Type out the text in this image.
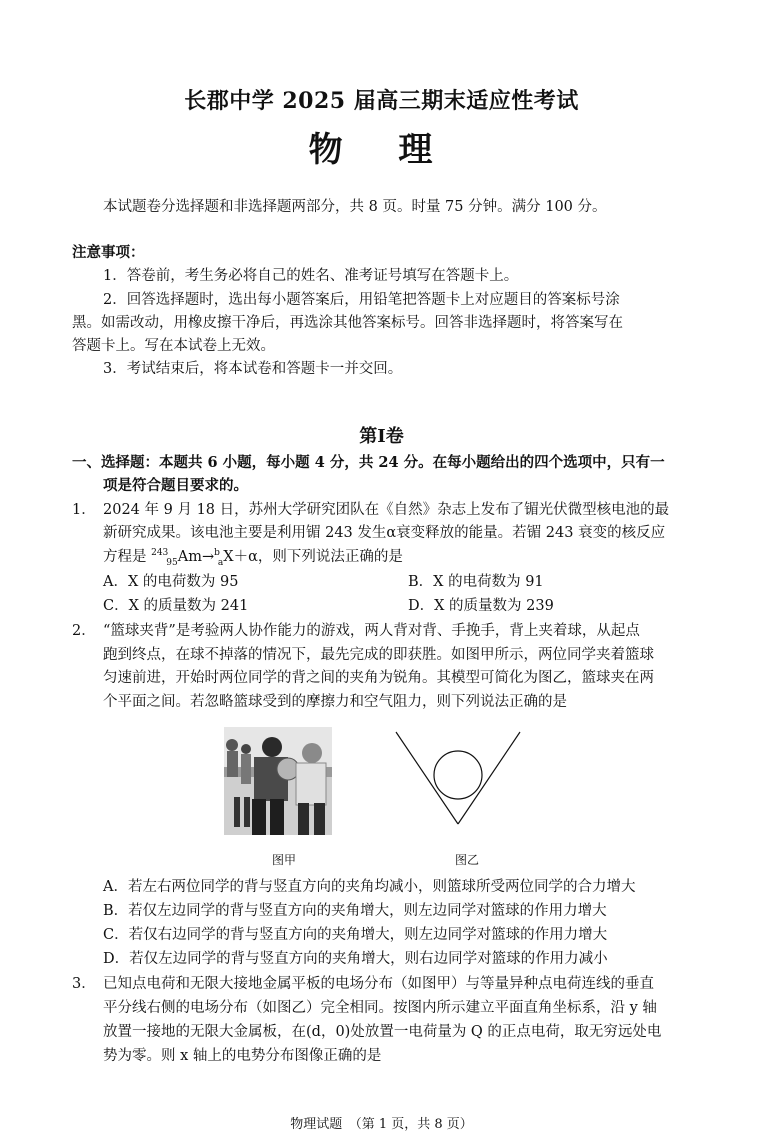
长郡中学 2025 届高三期末适应性考试
物 理
本试题卷分选择题和非选择题两部分，共 8 页。时量 75 分钟。满分 100 分。
注意事项：
1．答卷前，考生务必将自己的姓名、准考证号填写在答题卡上。
2．回答选择题时，选出每小题答案后，用铅笔把答题卡上对应题目的答案标号涂
黑。如需改动，用橡皮擦干净后，再选涂其他答案标号。回答非选择题时，将答案写在
答题卡上。写在本试卷上无效。
3．考试结束后，将本试卷和答题卡一并交回。
第Ⅰ卷
一、选择题：本题共 6 小题，每小题 4 分，共 24 分。在每小题给出的四个选项中，只有一
项是符合题目要求的。
1． 2024 年 9 月 18 日，苏州大学研究团队在《自然》杂志上发布了镅光伏微型核电池的最
新研究成果。该电池主要是利用镅 243 发生α衰变释放的能量。若镅 243 衰变的核反应
方程是 $^{243}_{95}$Am→$^b_a$X＋α，则下列说法正确的是
A．X 的电荷数为 95	B．X 的电荷数为 91
C．X 的质量数为 241	D．X 的质量数为 239
2． “篮球夹背”是考验两人协作能力的游戏，两人背对背、手挽手，背上夹着球，从起点
跑到终点，在球不掉落的情况下，最先完成的即获胜。如图甲所示，两位同学夹着篮球
匀速前进，开始时两位同学的背之间的夹角为锐角。其模型可简化为图乙，篮球夹在两
个平面之间。若忽略篮球受到的摩擦力和空气阻力，则下列说法正确的是
图甲	图乙
A．若左右两位同学的背与竖直方向的夹角均减小，则篮球所受两位同学的合力增大
B．若仅左边同学的背与竖直方向的夹角增大，则左边同学对篮球的作用力增大
C．若仅右边同学的背与竖直方向的夹角增大，则左边同学对篮球的作用力增大
D．若仅左边同学的背与竖直方向的夹角增大，则右边同学对篮球的作用力减小
3． 已知点电荷和无限大接地金属平板的电场分布（如图甲）与等量异种点电荷连线的垂直
平分线右侧的电场分布（如图乙）完全相同。按图内所示建立平面直角坐标系，沿 y 轴
放置一接地的无限大金属板，在(d，0)处放置一电荷量为 Q 的正点电荷，取无穷远处电
势为零。则 x 轴上的电势分布图像正确的是
物理试题　（第 1 页，共 8 页）
